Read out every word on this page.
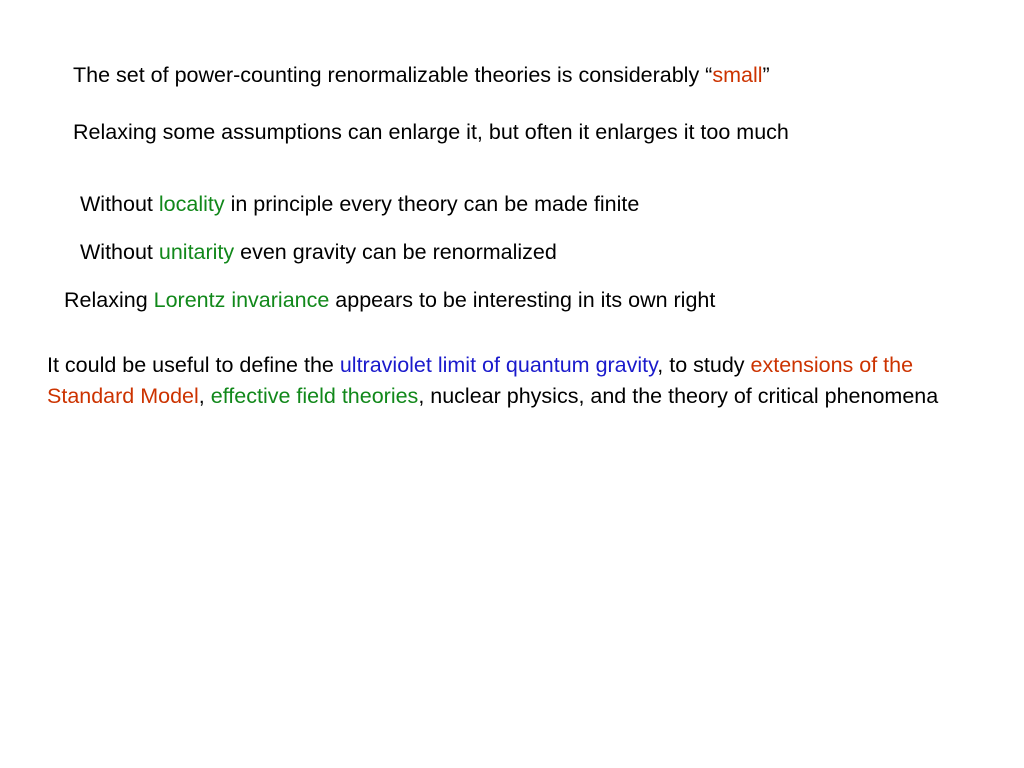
The set of power-counting renormalizable theories is considerably “small”

Relaxing some assumptions can enlarge it, but often it enlarges it too much

Without locality in principle every theory can be made finite

Without unitarity even gravity can be renormalized

Relaxing Lorentz invariance appears to be interesting in its own right

It could be useful to define the ultraviolet limit of quantum gravity, to study extensions of the Standard Model, effective field theories, nuclear physics, and the theory of critical phenomena
